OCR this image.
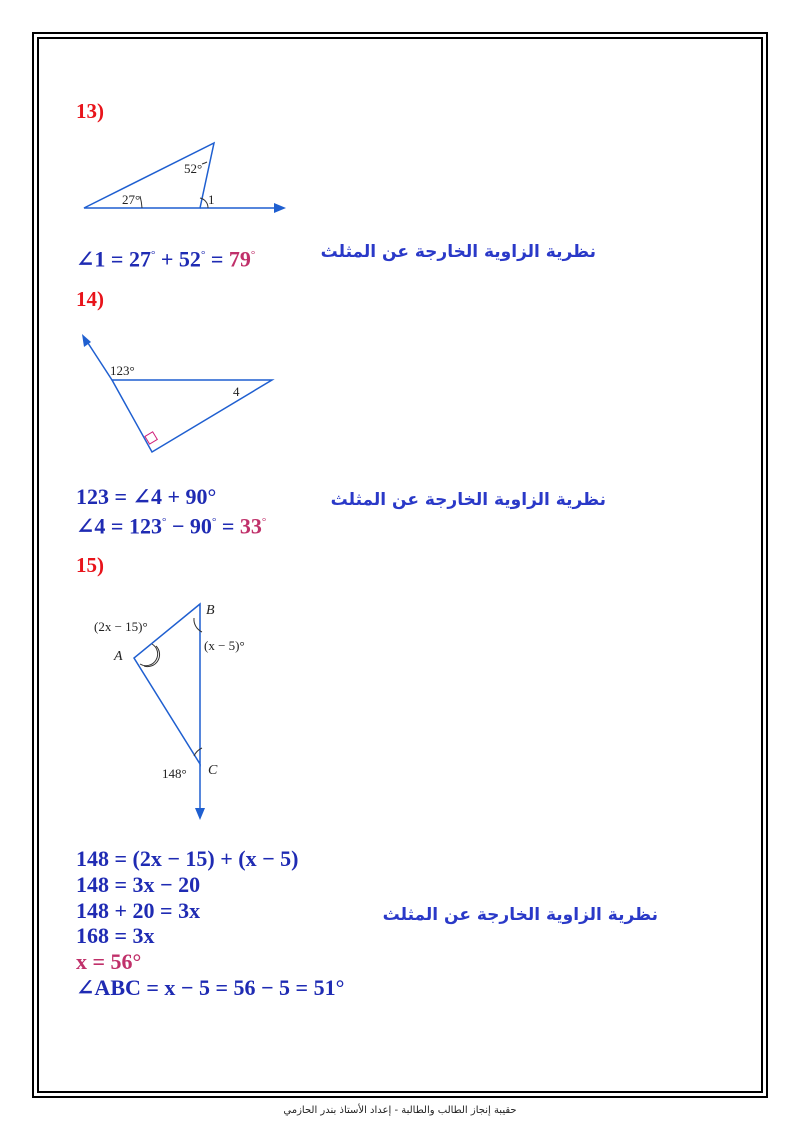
13)
52°
27°	1
∠1 = 27° + 52° = 79°	نظرية الزاوية الخارجة عن المثلث
14)
123°
4
123 = ∠4 + 90°
∠4 = 123° − 90° = 33°
نظرية الزاوية الخارجة عن المثلث
15)
B
(2x − 15)°
(x − 5)°
A
148° C
148 = (2x − 15) + (x − 5)
148 = 3x − 20
148 + 20 = 3x
168 = 3x
x = 56°
∠ABC = x − 5 = 56 − 5 = 51°
نظرية الزاوية الخارجة عن المثلث
حقيبة إنجاز الطالب والطالبة - إعداد الأستاذ بندر الحازمي
